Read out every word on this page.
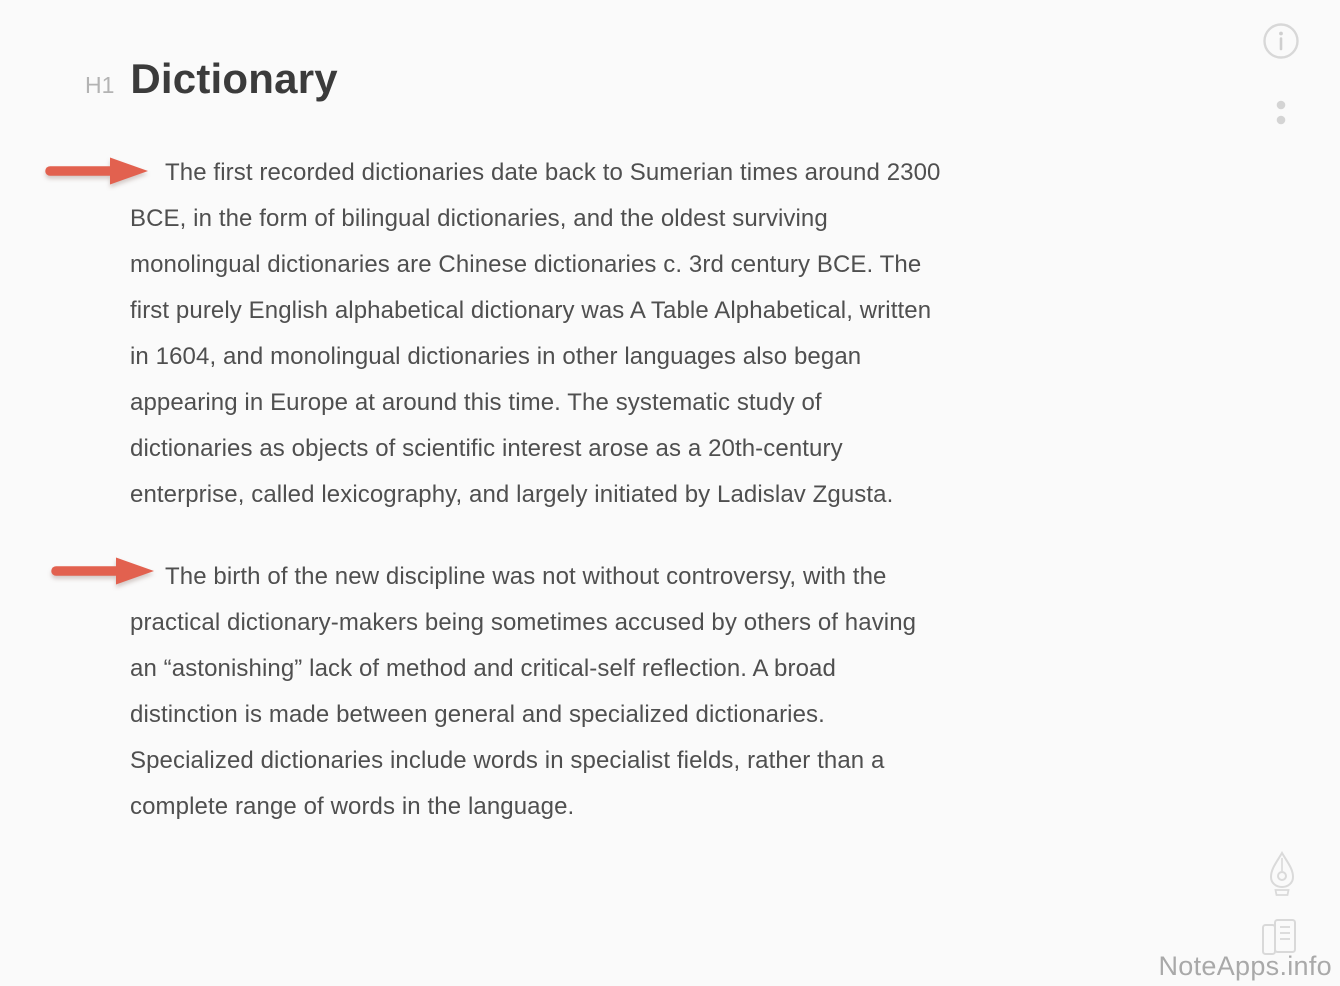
H1 Dictionary
The first recorded dictionaries date back to Sumerian times around 2300
BCE, in the form of bilingual dictionaries, and the oldest surviving
monolingual dictionaries are Chinese dictionaries c. 3rd century BCE. The
first purely English alphabetical dictionary was A Table Alphabetical, written
in 1604, and monolingual dictionaries in other languages also began
appearing in Europe at around this time. The systematic study of
dictionaries as objects of scientific interest arose as a 20th-century
enterprise, called lexicography, and largely initiated by Ladislav Zgusta.
The birth of the new discipline was not without controversy, with the
practical dictionary-makers being sometimes accused by others of having
an “astonishing” lack of method and critical-self reflection. A broad
distinction is made between general and specialized dictionaries.
Specialized dictionaries include words in specialist fields, rather than a
complete range of words in the language.
NoteApps.info
